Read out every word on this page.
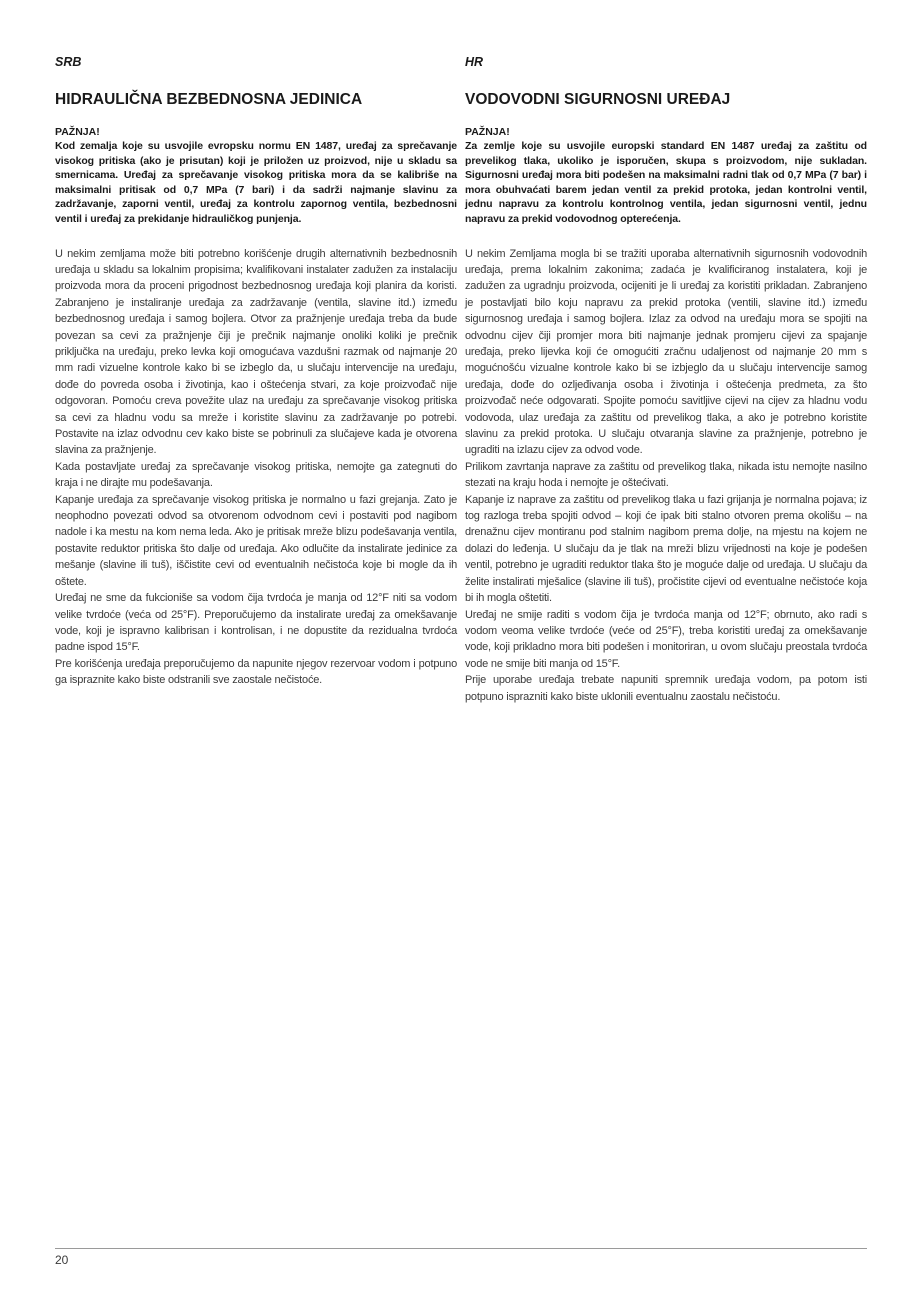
SRB
HIDRAULIČNA BEZBEDNOSNA JEDINICA
PAŽNJA!

Kod zemalja koje su usvojile evropsku normu EN 1487, uređaj za sprečavanje visokog pritiska (ako je prisutan) koji je priložen uz proizvod, nije u skladu sa smernicama. Uređaj za sprečavanje visokog pritiska mora da se kalibriše na maksimalni pritisak od 0,7 MPa (7 bari) i da sadrži najmanje slavinu za zadržavanje, zaporni ventil, uređaj za kontrolu zapornog ventila, bezbednosni ventil i uređaj za prekidanje hidrauličkog punjenja.

U nekim zemljama može biti potrebno korišćenje drugih alternativnih bezbednosnih uređaja u skladu sa lokalnim propisima; kvalifikovani instalater zadužen za instalaciju proizvoda mora da proceni prigodnost bezbednosnog uređaja koji planira da koristi. Zabranjeno je instaliranje uređaja za zadržavanje (ventila, slavine itd.) između bezbednosnog uređaja i samog bojlera. Otvor za pražnjenje uređaja treba da bude povezan sa cevi za pražnjenje čiji je prečnik najmanje onoliki koliki je prečnik priključka na uređaju, preko levka koji omogućava vazdušni razmak od najmanje 20 mm radi vizuelne kontrole kako bi se izbeglo da, u slučaju intervencije na uređaju, dođe do povreda osoba i životinja, kao i oštećenja stvari, za koje proizvođač nije odgovoran. Pomoću creva povežite ulaz na uređaju za sprečavanje visokog pritiska sa cevi za hladnu vodu sa mreže i koristite slavinu za zadržavanje po potrebi. Postavite na izlaz odvodnu cev kako biste se pobrinuli za slučajeve kada je otvorena slavina za pražnjenje.

Kada postavljate uređaj za sprečavanje visokog pritiska, nemojte ga zategnuti do kraja i ne dirajte mu podešavanja.

Kapanje uređaja za sprečavanje visokog pritiska je normalno u fazi grejanja. Zato je neophodno povezati odvod sa otvorenom odvodnom cevi i postaviti pod nagibom nadole i ka mestu na kom nema leda. Ako je pritisak mreže blizu podešavanja ventila, postavite reduktor pritiska što dalje od uređaja. Ako odlučite da instalirate jedinice za mešanje (slavine ili tuš), iščistite cevi od eventualnih nečistoća koje bi mogle da ih oštete.

Uređaj ne sme da fukcioniše sa vodom čija tvrdoća je manja od 12°F niti sa vodom velike tvrdoće (veća od 25°F). Preporučujemo da instalirate uređaj za omekšavanje vode, koji je ispravno kalibrisan i kontrolisan, i ne dopustite da rezidualna tvrdoća padne ispod 15°F.

Pre korišćenja uređaja preporučujemo da napunite njegov rezervoar vodom i potpuno ga ispraznite kako biste odstranili sve zaostale nečistoće.

HR
VODOVODNI SIGURNOSNI UREĐAJ
PAŽNJA!

Za zemlje koje su usvojile europski standard EN 1487 uređaj za zaštitu od prevelikog tlaka, ukoliko je isporučen, skupa s proizvodom, nije sukladan. Sigurnosni uređaj mora biti podešen na maksimalni radni tlak od 0,7 MPa (7 bar) i mora obuhvaćati barem jedan ventil za prekid protoka, jedan kontrolni ventil, jednu napravu za kontrolu kontrolnog ventila, jedan sigurnosni ventil, jednu napravu za prekid vodovodnog opterećenja.

U nekim Zemljama mogla bi se tražiti uporaba alternativnih sigurnosnih vodovodnih uređaja, prema lokalnim zakonima; zadaća je kvalificiranog instalatera, koji je zadužen za ugradnju proizvoda, ocijeniti je li uređaj za koristiti prikladan. Zabranjeno je postavljati bilo koju napravu za prekid protoka (ventili, slavine itd.) između sigurnosnog uređaja i samog bojlera. Izlaz za odvod na uređaju mora se spojiti na odvodnu cijev čiji promjer mora biti najmanje jednak promjeru cijevi za spajanje uređaja, preko lijevka koji će omogućiti zračnu udaljenost od najmanje 20 mm s mogućnošću vizualne kontrole kako bi se izbjeglo da u slučaju intervencije samog uređaja, dođe do ozljeđivanja osoba i životinja i oštećenja predmeta, za što proizvođač neće odgovarati. Spojite pomoću savitljive cijevi na cijev za hladnu vodu vodovoda, ulaz uređaja za zaštitu od prevelikog tlaka, a ako je potrebno koristite slavinu za prekid protoka. U slučaju otvaranja slavine za pražnjenje, potrebno je ugraditi na izlazu cijev za odvod vode.

Prilikom zavrtanja naprave za zaštitu od prevelikog tlaka, nikada istu nemojte nasilno stezati na kraju hoda i nemojte je oštećivati.

Kapanje iz naprave za zaštitu od prevelikog tlaka u fazi grijanja je normalna pojava; iz tog razloga treba spojiti odvod – koji će ipak biti stalno otvoren prema okolišu – na drenažnu cijev montiranu pod stalnim nagibom prema dolje, na mjestu na kojem ne dolazi do leđenja. U slučaju da je tlak na mreži blizu vrijednosti na koje je podešen ventil, potrebno je ugraditi reduktor tlaka što je moguće dalje od uređaja. U slučaju da želite instalirati mješalice (slavine ili tuš), pročistite cijevi od eventualne nečistoće koja bi ih mogla oštetiti.

Uređaj ne smije raditi s vodom čija je tvrdoća manja od 12°F; obrnuto, ako radi s vodom veoma velike tvrdoće (veće od 25°F), treba koristiti uređaj za omekšavanje vode, koji prikladno mora biti podešen i monitoriran, u ovom slučaju preostala tvrdoća vode ne smije biti manja od 15°F.

Prije uporabe uređaja trebate napuniti spremnik uređaja vodom, pa potom isti potpuno isprazniti kako biste uklonili eventualnu zaostalu nečistoću.

20
